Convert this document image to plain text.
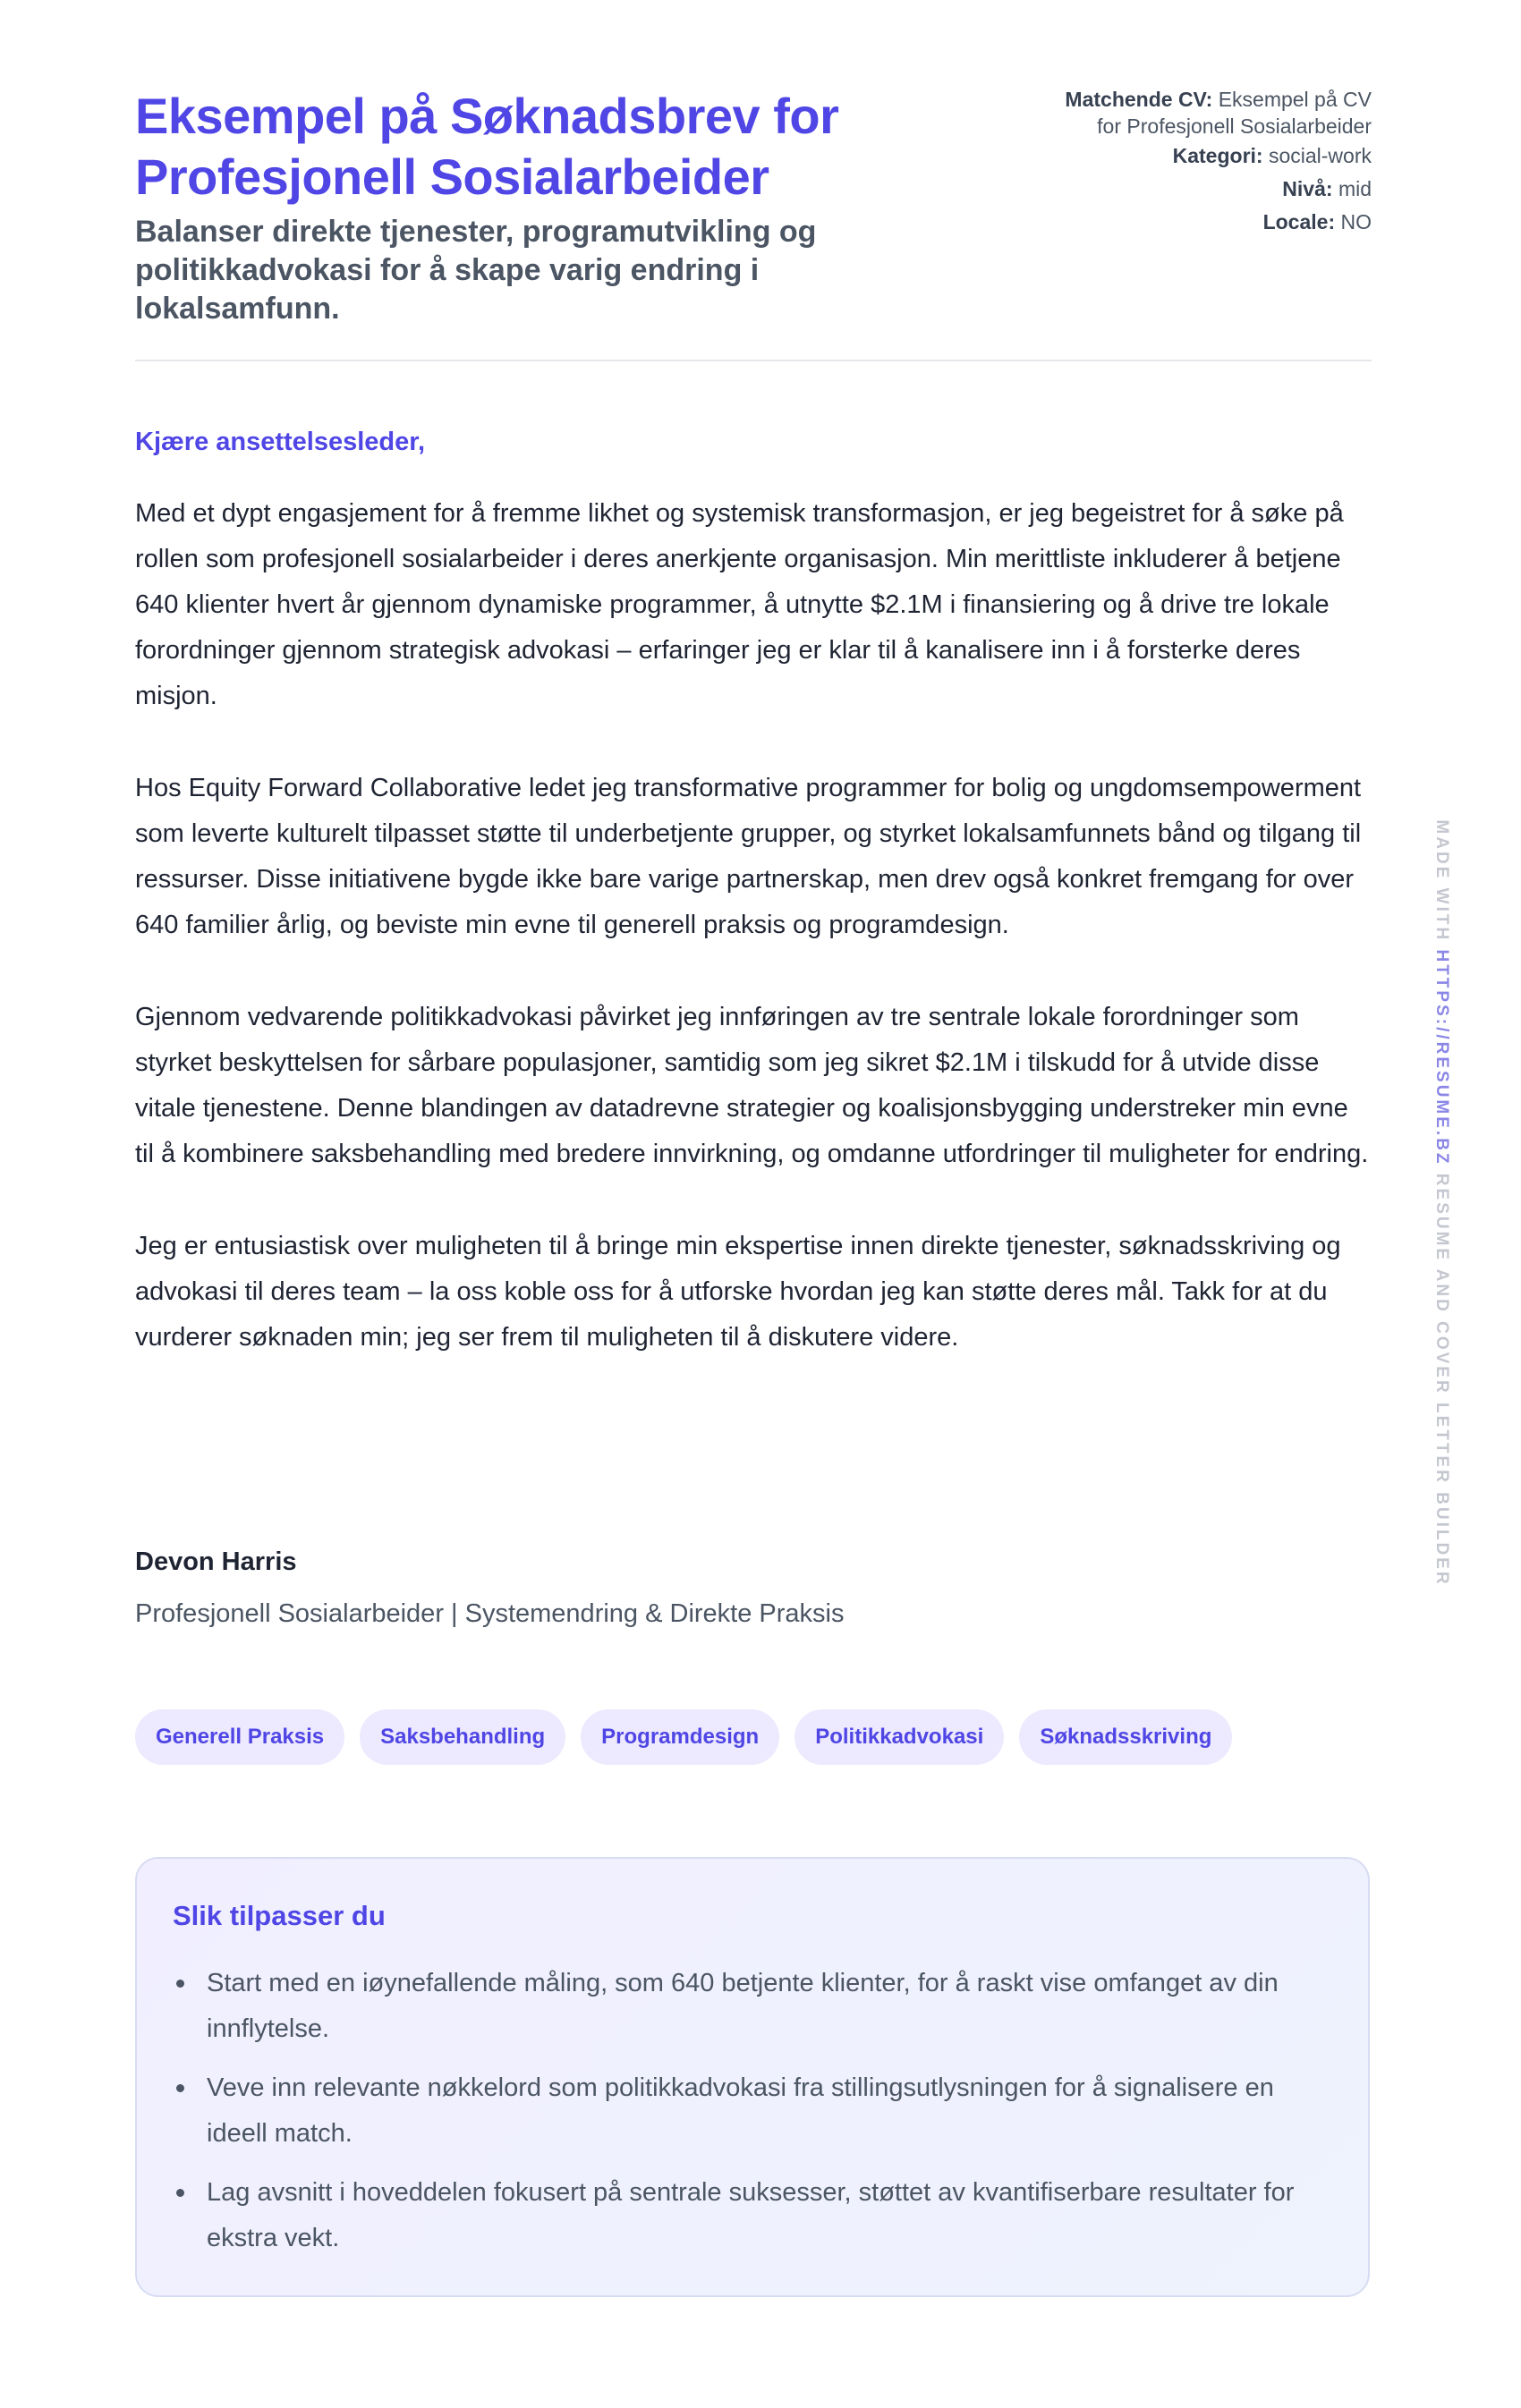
Eksempel på Søknadsbrev for Profesjonell Sosialarbeider

Balanser direkte tjenester, programutvikling og politikkadvokasi for å skape varig endring i lokalsamfunn.

Matchende CV: Eksempel på CV
for Profesjonell Sosialarbeider
Kategori: social-work
Nivå: mid
Locale: NO
Kjære ansettelsesleder,

Med et dypt engasjement for å fremme likhet og systemisk transformasjon, er jeg begeistret for å søke på rollen som profesjonell sosialarbeider i deres anerkjente organisasjon. Min merittliste inkluderer å betjene 640 klienter hvert år gjennom dynamiske programmer, å utnytte $2.1M i finansiering og å drive tre lokale forordninger gjennom strategisk advokasi – erfaringer jeg er klar til å kanalisere inn i å forsterke deres misjon.

Hos Equity Forward Collaborative ledet jeg transformative programmer for bolig og ungdomsempowerment som leverte kulturelt tilpasset støtte til underbetjente grupper, og styrket lokalsamfunnets bånd og tilgang til ressurser. Disse initiativene bygde ikke bare varige partnerskap, men drev også konkret fremgang for over 640 familier årlig, og beviste min evne til generell praksis og programdesign.

Gjennom vedvarende politikkadvokasi påvirket jeg innføringen av tre sentrale lokale forordninger som styrket beskyttelsen for sårbare populasjoner, samtidig som jeg sikret $2.1M i tilskudd for å utvide disse vitale tjenestene. Denne blandingen av datadrevne strategier og koalisjonsbygging understreker min evne til å kombinere saksbehandling med bredere innvirkning, og omdanne utfordringer til muligheter for endring.

Jeg er entusiastisk over muligheten til å bringe min ekspertise innen direkte tjenester, søknadsskriving og advokasi til deres team – la oss koble oss for å utforske hvordan jeg kan støtte deres mål. Takk for at du vurderer søknaden min; jeg ser frem til muligheten til å diskutere videre.

Devon Harris
Profesjonell Sosialarbeider | Systemendring & Direkte Praksis
Generell Praksis	Saksbehandling	Programdesign	Politikkadvokasi	Søknadsskriving
Slik tilpasser du
Start med en iøynefallende måling, som 640 betjente klienter, for å raskt vise omfanget av din innflytelse.
Veve inn relevante nøkkelord som politikkadvokasi fra stillingsutlysningen for å signalisere en ideell match.
Lag avsnitt i hoveddelen fokusert på sentrale suksesser, støttet av kvantifiserbare resultater for ekstra vekt.
MADE WITH HTTPS://RESUME.BZ RESUME AND COVER LETTER BUILDER
